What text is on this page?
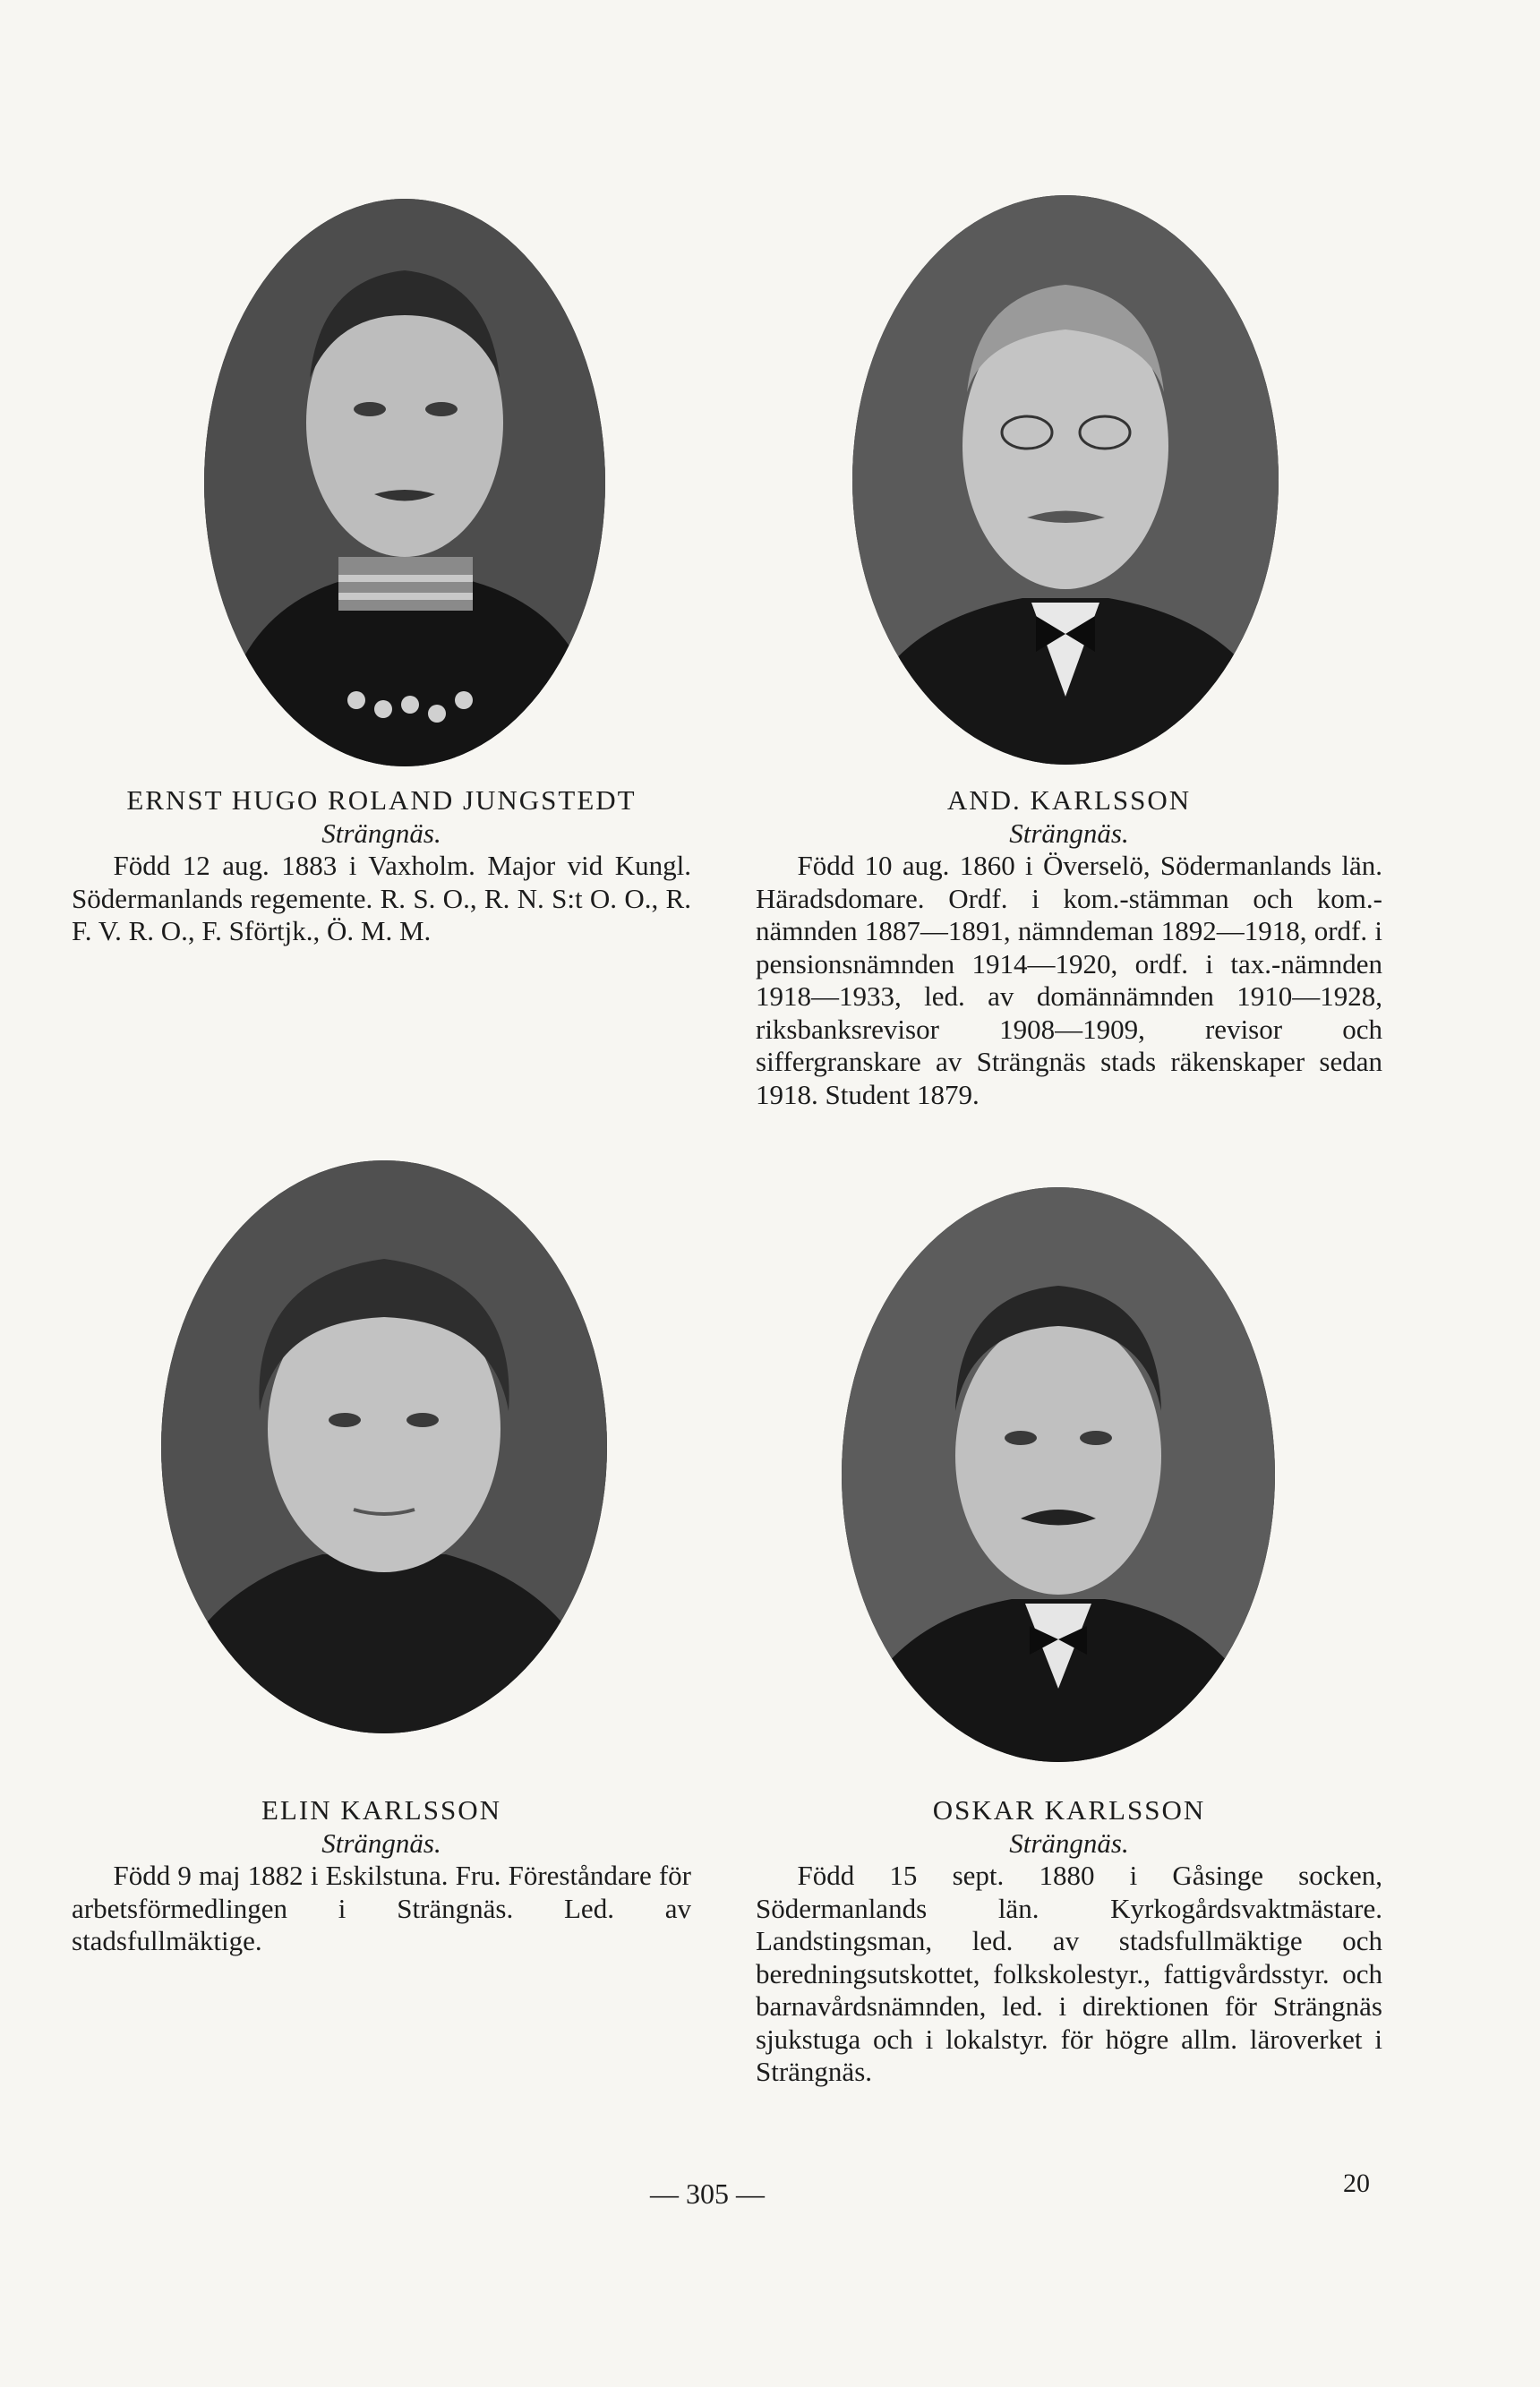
ERNST HUGO ROLAND JUNGSTEDT
Strängnäs.
Född 12 aug. 1883 i Vaxholm. Major vid Kungl. Södermanlands regemente. R. S. O., R. N. S:t O. O., R. F. V. R. O., F. Sförtjk., Ö. M. M.
AND. KARLSSON
Strängnäs.
Född 10 aug. 1860 i Överselö, Södermanlands län. Häradsdomare. Ordf. i kom.-stämman och kom.-nämnden 1887—1891, nämndeman 1892—1918, ordf. i pensionsnämnden 1914—1920, ordf. i tax.-nämnden 1918—1933, led. av domännämnden 1910—1928, riksbanksrevisor 1908—1909, revisor och siffergranskare av Strängnäs stads räkenskaper sedan 1918. Student 1879.
ELIN KARLSSON
Strängnäs.
Född 9 maj 1882 i Eskilstuna. Fru. Föreståndare för arbetsförmedlingen i Strängnäs. Led. av stadsfullmäktige.
OSKAR KARLSSON
Strängnäs.
Född 15 sept. 1880 i Gåsinge socken, Södermanlands län. Kyrkogårdsvaktmästare. Landstingsman, led. av stadsfullmäktige och beredningsutskottet, folkskolestyr., fattigvårdsstyr. och barnavårdsnämnden, led. i direktionen för Strängnäs sjukstuga och i lokalstyr. för högre allm. läroverket i Strängnäs.
— 305 —	20
